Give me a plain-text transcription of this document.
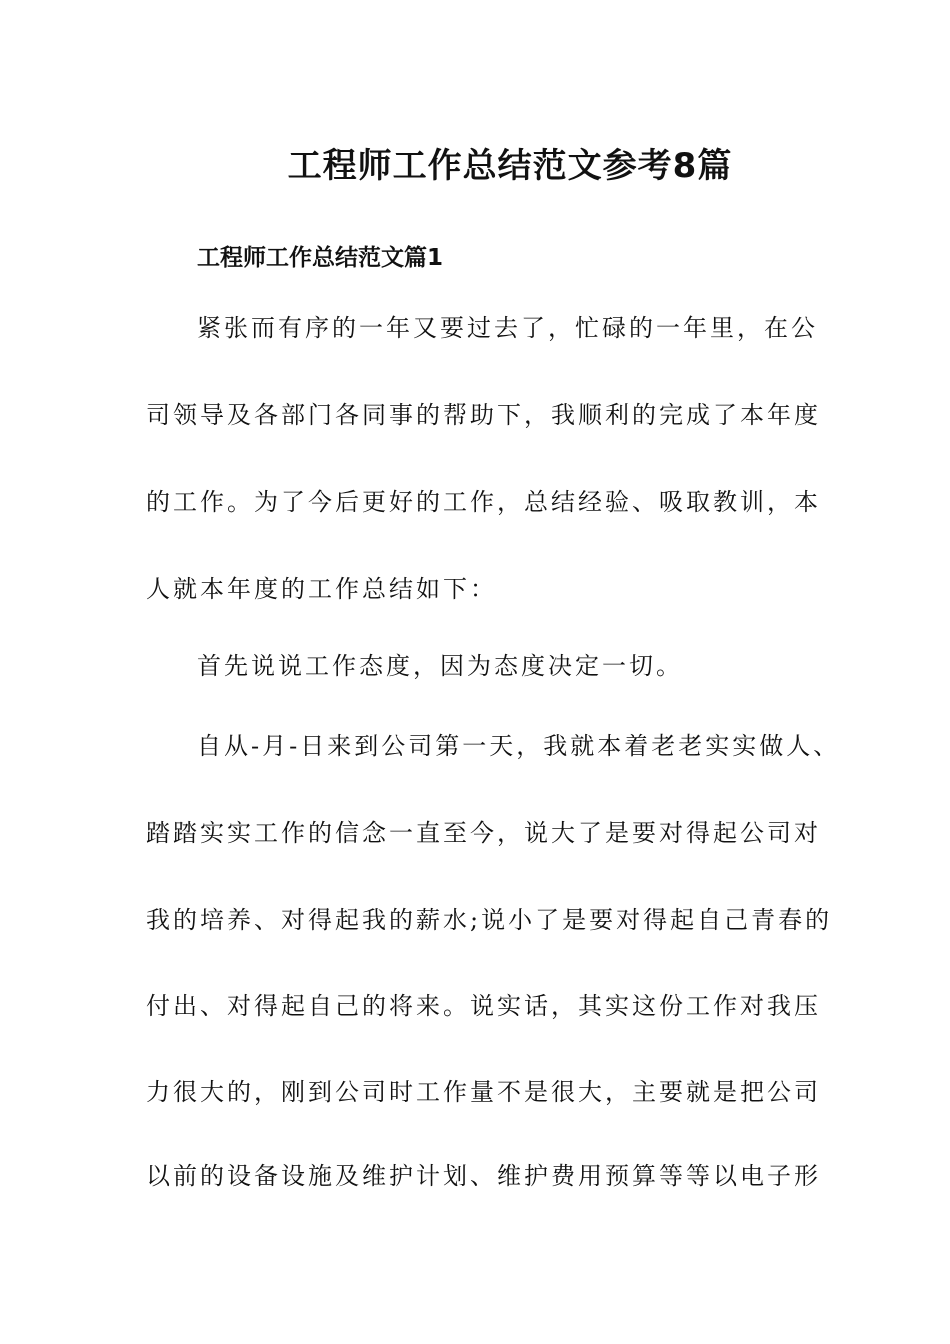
工程师工作总结范文参考8篇
工程师工作总结范文篇1
紧张而有序的一年又要过去了，忙碌的一年里，在公
司领导及各部门各同事的帮助下，我顺利的完成了本年度
的工作。为了今后更好的工作，总结经验、吸取教训，本
人就本年度的工作总结如下：
首先说说工作态度，因为态度决定一切。
自从-月-日来到公司第一天，我就本着老老实实做人、
踏踏实实工作的信念一直至今，说大了是要对得起公司对
我的培养、对得起我的薪水;说小了是要对得起自己青春的
付出、对得起自己的将来。说实话，其实这份工作对我压
力很大的，刚到公司时工作量不是很大，主要就是把公司
以前的设备设施及维护计划、维护费用预算等等以电子形
